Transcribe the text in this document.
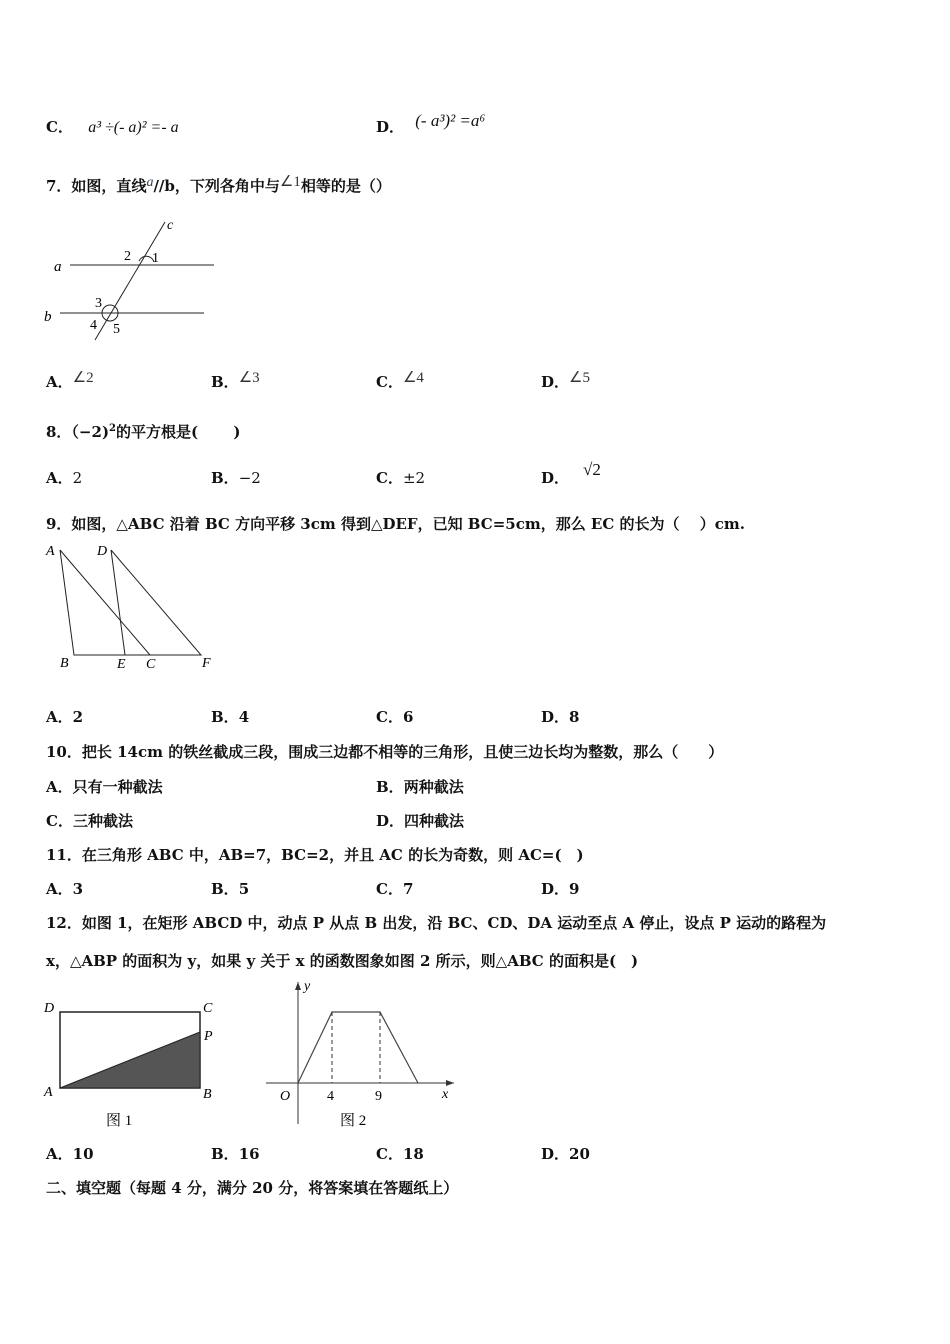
C． a³ ÷(- a)² =- a	D． (- a³)² =a⁶
7．如图，直线a//b，下列各角中与∠1相等的是（）
a
b
c
1
2
3
4 5
A．∠2	B．∠3	C．∠4	D．∠5
8．（−2)$^2$的平方根是(　　 )
A．2	B．−2	C．±2	D． √2
9．如图，△ABC 沿着 BC 方向平移 3cm 得到△DEF，已知 BC=5cm，那么 EC 的长为（　 ）cm.
A	D
B	E C	F
A．2	B．4	C．6	D．8
10．把长 14cm 的铁丝截成三段，围成三边都不相等的三角形，且使三边长均为整数，那么（　　）
A．只有一种截法	B．两种截法
C．三种截法	D．四种截法
11．在三角形 ABC 中，AB=7，BC=2，并且 AC 的长为奇数，则 AC=(　)
A．3	B．5	C．7	D．9
12．如图 1，在矩形 ABCD 中，动点 P 从点 B 出发，沿 BC、CD、DA 运动至点 A 停止，设点 P 运动的路程为
x，△ABP 的面积为 y，如果 y 关于 x 的函数图象如图 2 所示，则△ABC 的面积是(　)
D	C
P
A	B
图 1
y
x
O	4	9
图 2
A．10	B．16	C．18	D．20
二、填空题（每题 4 分，满分 20 分，将答案填在答题纸上）
